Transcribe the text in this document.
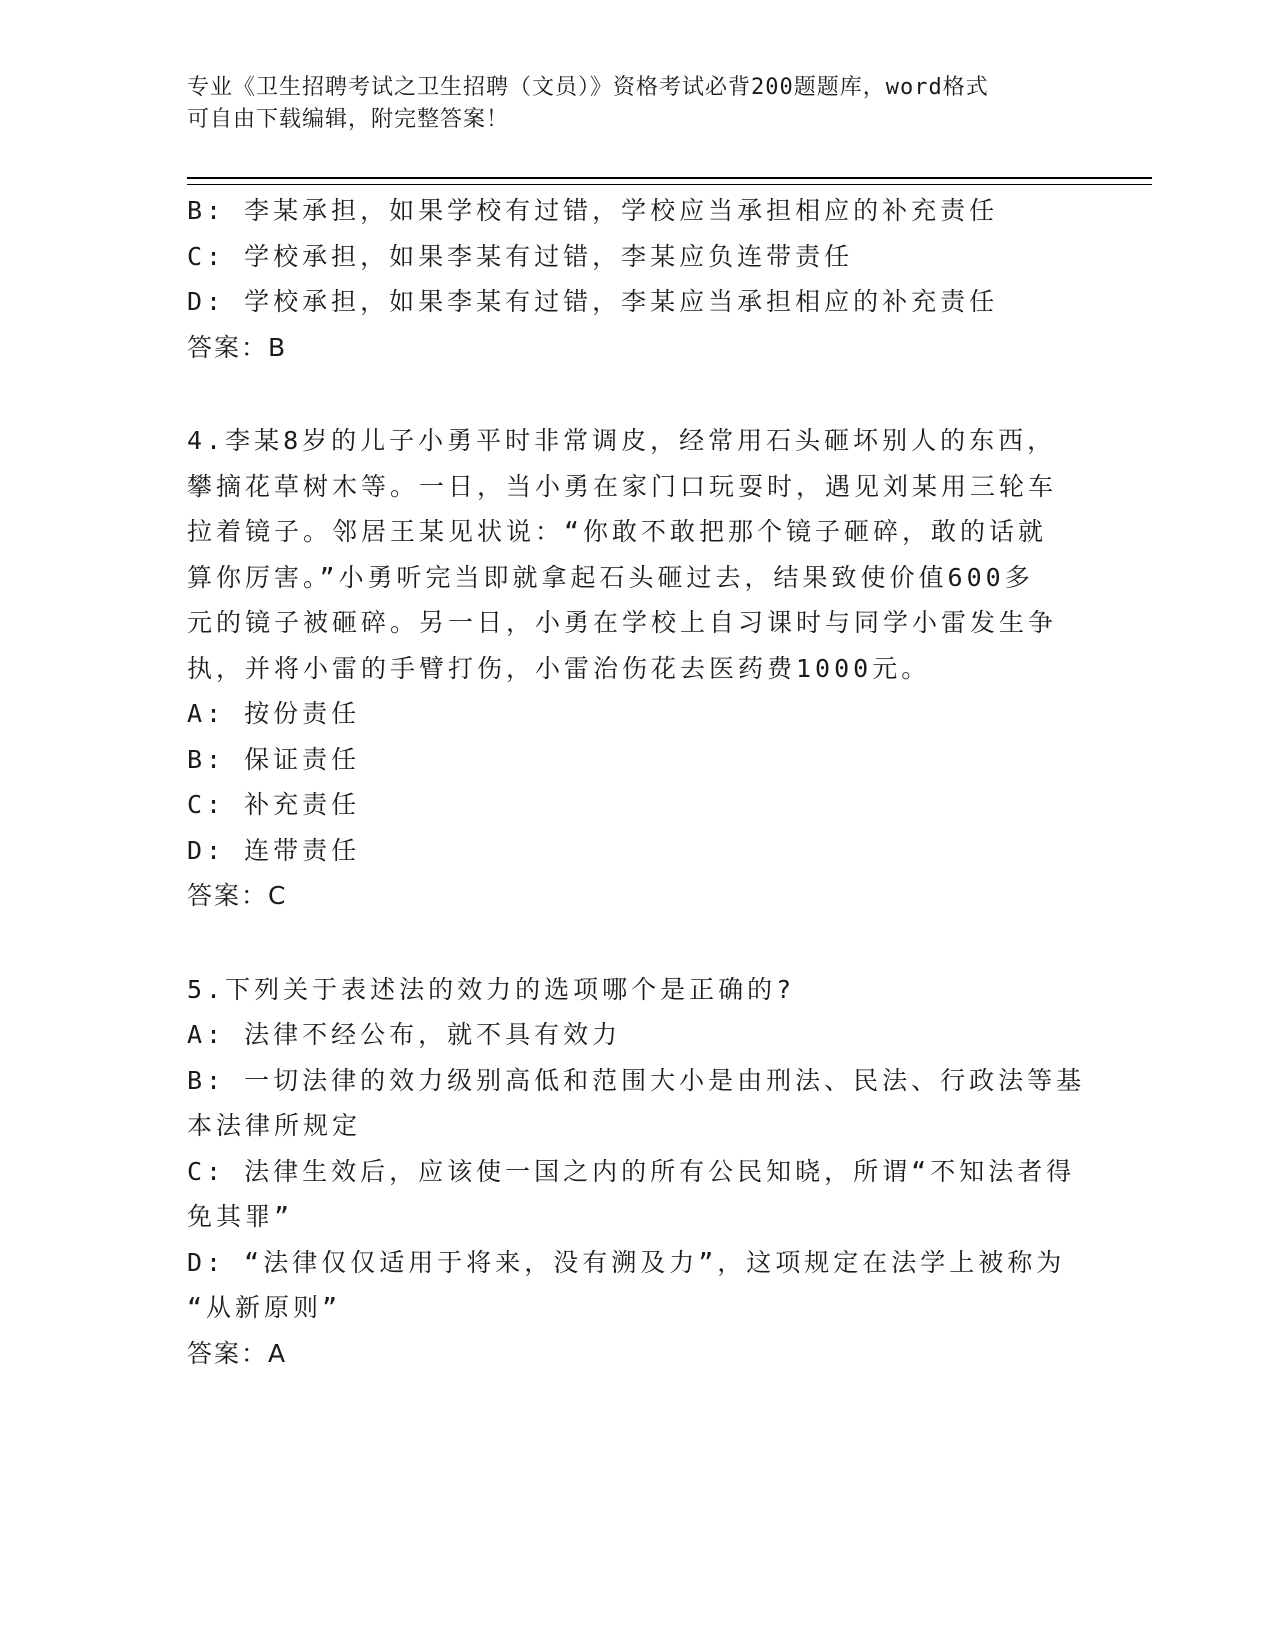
专业《卫生招聘考试之卫生招聘（文员）》资格考试必背200题题库，word格式
可自由下载编辑，附完整答案！
B: 李某承担，如果学校有过错，学校应当承担相应的补充责任
C: 学校承担，如果李某有过错，李某应负连带责任
D: 学校承担，如果李某有过错，李某应当承担相应的补充责任
答案：B
4.李某8岁的儿子小勇平时非常调皮，经常用石头砸坏别人的东西，
攀摘花草树木等。一日，当小勇在家门口玩耍时，遇见刘某用三轮车
拉着镜子。邻居王某见状说：“你敢不敢把那个镜子砸碎，敢的话就
算你厉害。”小勇听完当即就拿起石头砸过去，结果致使价值600多
元的镜子被砸碎。另一日，小勇在学校上自习课时与同学小雷发生争
执，并将小雷的手臂打伤，小雷治伤花去医药费1000元。
A: 按份责任
B: 保证责任
C: 补充责任
D: 连带责任
答案：C
5.下列关于表述法的效力的选项哪个是正确的?
A: 法律不经公布，就不具有效力
B: 一切法律的效力级别高低和范围大小是由刑法、民法、行政法等基
本法律所规定
C: 法律生效后，应该使一国之内的所有公民知晓，所谓“不知法者得
免其罪”
D: “法律仅仅适用于将来，没有溯及力”，这项规定在法学上被称为
“从新原则”
答案：A
